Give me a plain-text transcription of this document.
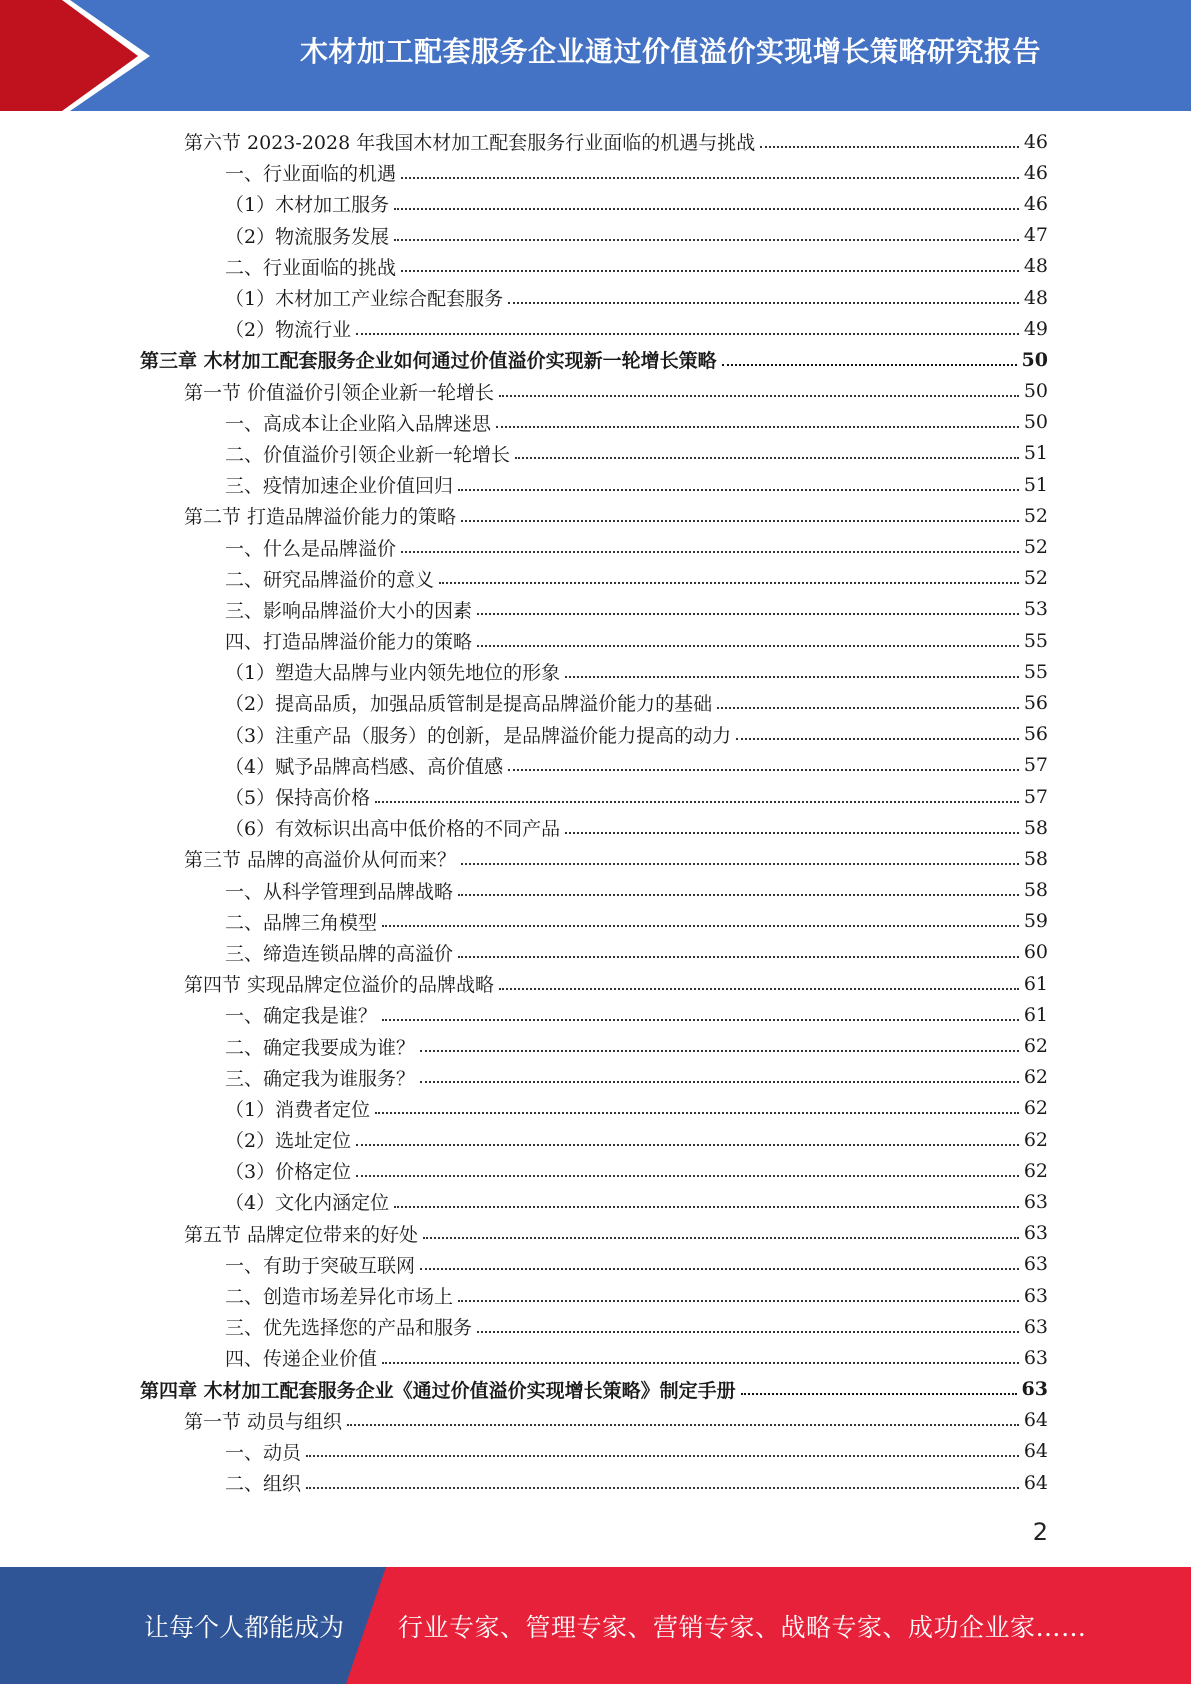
木材加工配套服务企业通过价值溢价实现增长策略研究报告
第六节 2023-2028 年我国木材加工配套服务行业面临的机遇与挑战	46
一、行业面临的机遇	46
（1）木材加工服务	46
（2）物流服务发展	47
二、行业面临的挑战	48
（1）木材加工产业综合配套服务	48
（2）物流行业	49
第三章 木材加工配套服务企业如何通过价值溢价实现新一轮增长策略	50
第一节 价值溢价引领企业新一轮增长	50
一、高成本让企业陷入品牌迷思	50
二、价值溢价引领企业新一轮增长	51
三、疫情加速企业价值回归	51
第二节 打造品牌溢价能力的策略	52
一、什么是品牌溢价	52
二、研究品牌溢价的意义	52
三、影响品牌溢价大小的因素	53
四、打造品牌溢价能力的策略	55
（1）塑造大品牌与业内领先地位的形象	55
（2）提高品质，加强品质管制是提高品牌溢价能力的基础	56
（3）注重产品（服务）的创新，是品牌溢价能力提高的动力	56
（4）赋予品牌高档感、高价值感	57
（5）保持高价格	57
（6）有效标识出高中低价格的不同产品	58
第三节 品牌的高溢价从何而来？	58
一、从科学管理到品牌战略	58
二、品牌三角模型	59
三、缔造连锁品牌的高溢价	60
第四节 实现品牌定位溢价的品牌战略	61
一、确定我是谁？	61
二、确定我要成为谁？	62
三、确定我为谁服务？	62
（1）消费者定位	62
（2）选址定位	62
（3）价格定位	62
（4）文化内涵定位	63
第五节 品牌定位带来的好处	63
一、有助于突破互联网	63
二、创造市场差异化市场上	63
三、优先选择您的产品和服务	63
四、传递企业价值	63
第四章 木材加工配套服务企业《通过价值溢价实现增长策略》制定手册	63
第一节 动员与组织	64
一、动员	64
二、组织	64
2
让每个人都能成为 行业专家、管理专家、营销专家、战略专家、成功企业家……
